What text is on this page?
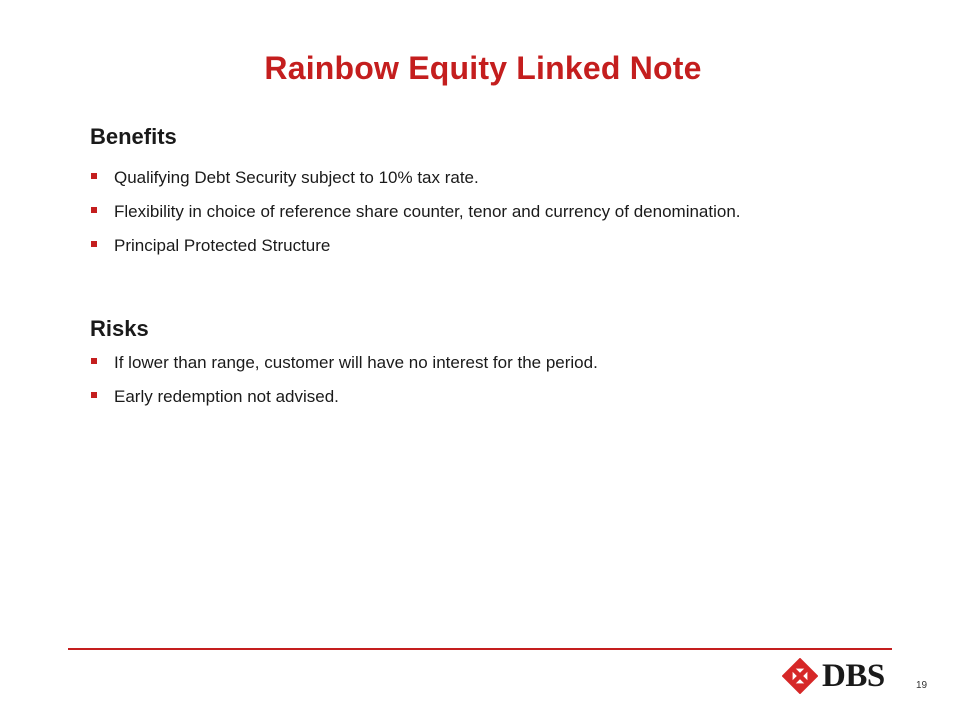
Rainbow Equity Linked Note
Benefits
Qualifying Debt Security subject to 10% tax rate.
Flexibility in choice of reference share counter, tenor and currency of denomination.
Principal Protected Structure
Risks
If lower than range, customer will have no interest for the period.
Early redemption not advised.
DBS	19
